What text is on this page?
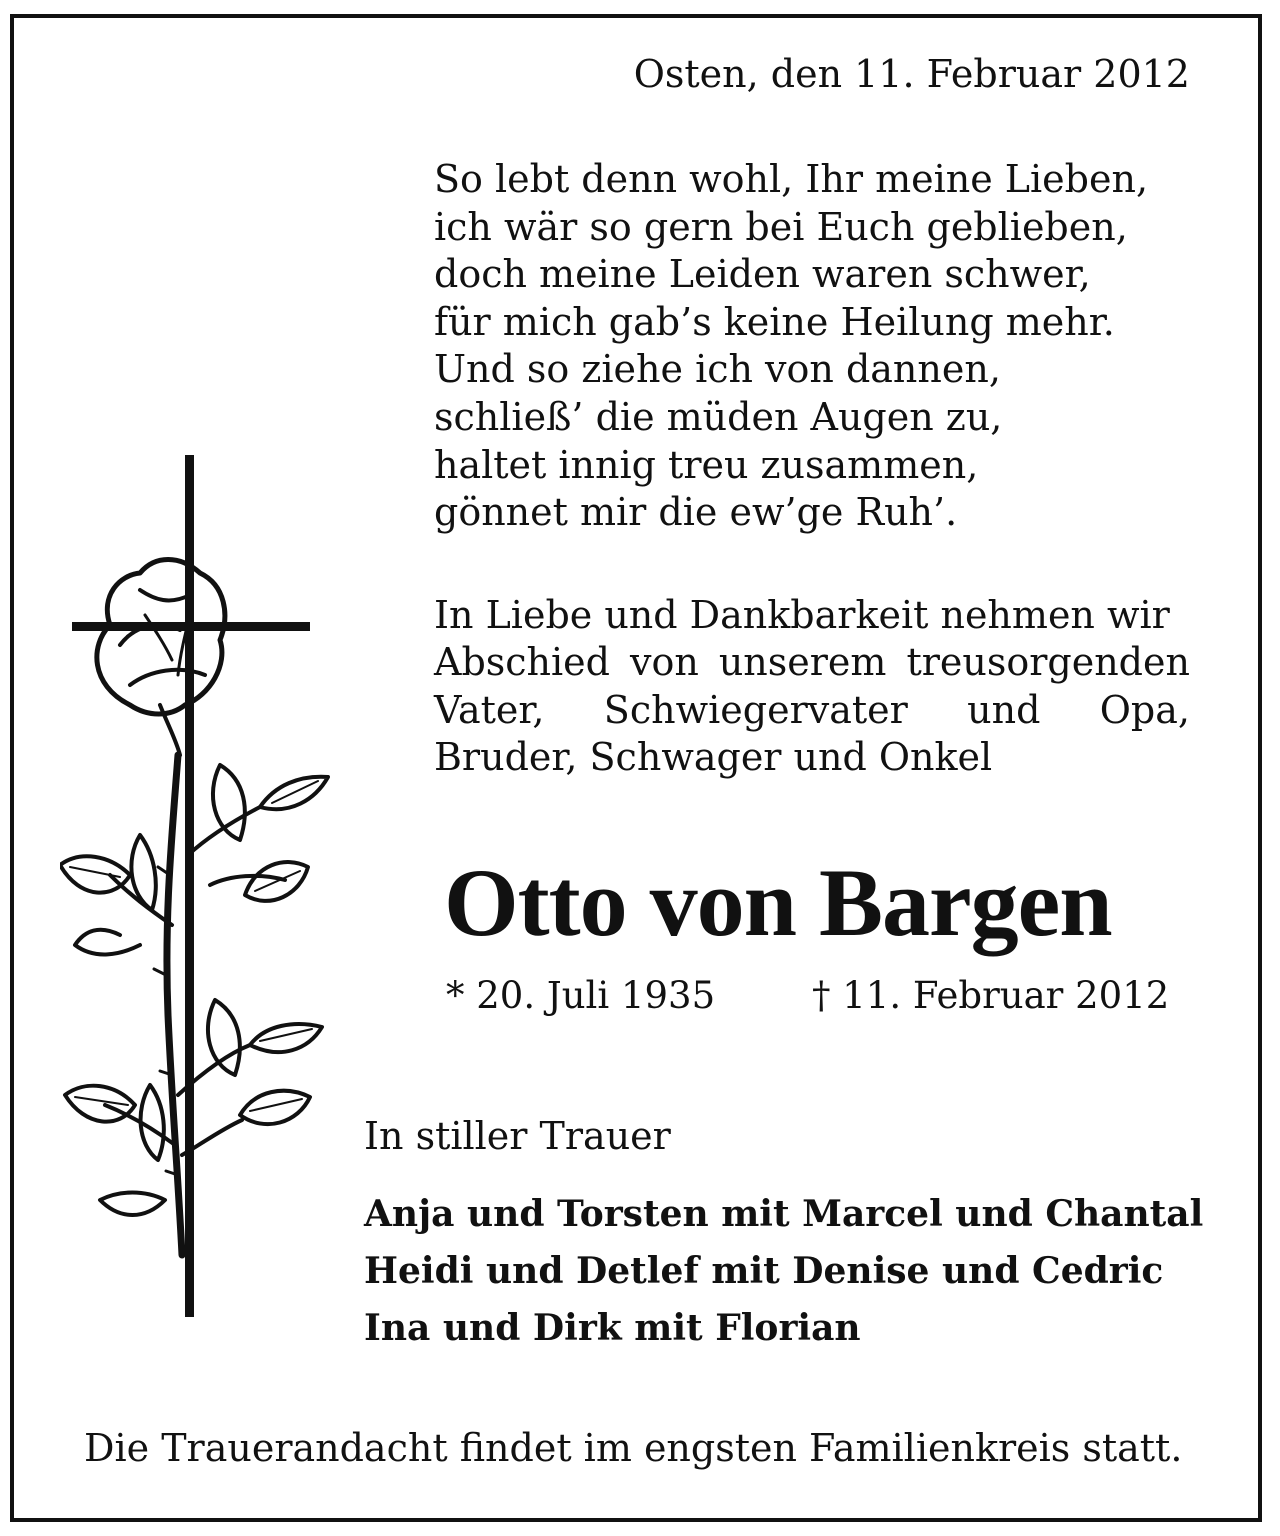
Osten, den 11. Februar 2012
So lebt denn wohl, Ihr meine Lieben,
ich wär so gern bei Euch geblieben,
doch meine Leiden waren schwer,
für mich gab’s keine Heilung mehr.
Und so ziehe ich von dannen,
schließ’ die müden Augen zu,
haltet innig treu zusammen,
gönnet mir die ew’ge Ruh’.
In Liebe und Dankbarkeit nehmen wir
Abschied von unserem treusorgenden
Vater, Schwiegervater und Opa,
Bruder, Schwager und Onkel
Otto von Bargen
* 20. Juli 1935	† 11. Februar 2012
In stiller Trauer
Anja und Torsten mit Marcel und Chantal
Heidi und Detlef mit Denise und Cedric
Ina und Dirk mit Florian
Die Trauerandacht findet im engsten Familienkreis statt.
